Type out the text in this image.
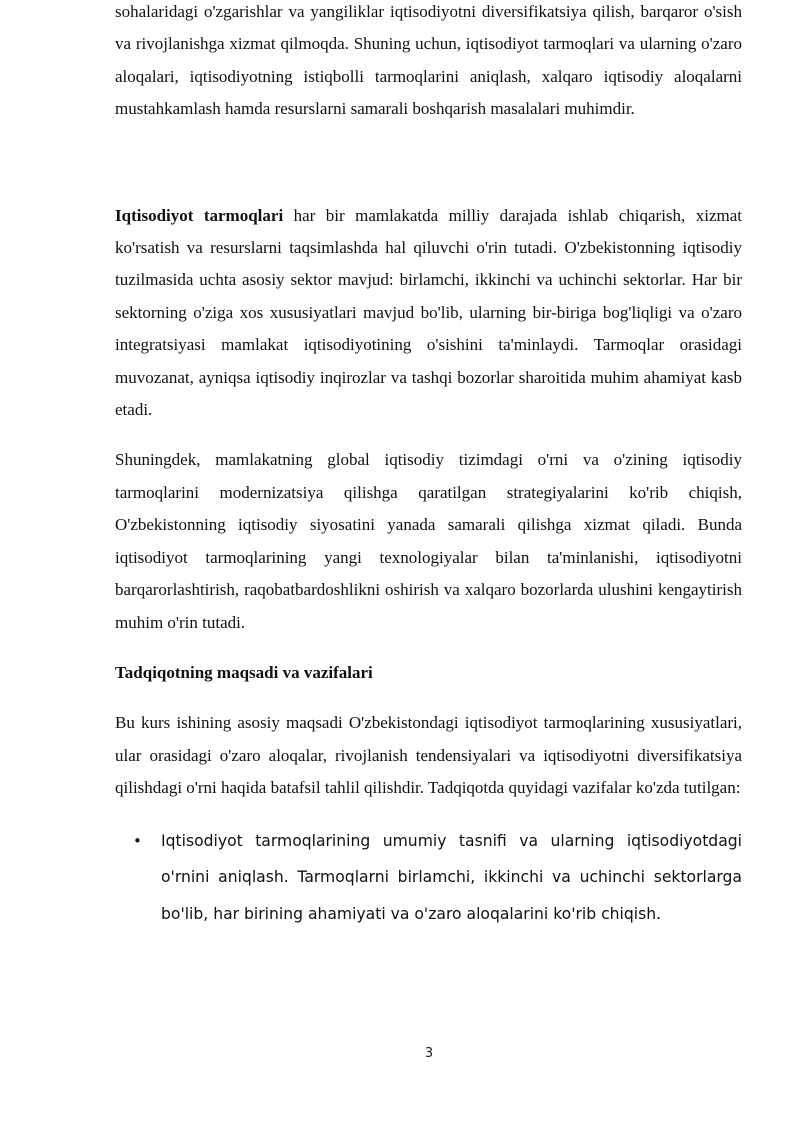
sohalaridagi o'zgarishlar va yangiliklar iqtisodiyotni diversifikatsiya qilish, barqaror o'sish va rivojlanishga xizmat qilmoqda. Shuning uchun, iqtisodiyot tarmoqlari va ularning o'zaro aloqalari, iqtisodiyotning istiqbolli tarmoqlarini aniqlash, xalqaro iqtisodiy aloqalarni mustahkamlash hamda resurslarni samarali boshqarish masalalari muhimdir.

Iqtisodiyot tarmoqlari har bir mamlakatda milliy darajada ishlab chiqarish, xizmat ko'rsatish va resurslarni taqsimlashda hal qiluvchi o'rin tutadi. O'zbekistonning iqtisodiy tuzilmasida uchta asosiy sektor mavjud: birlamchi, ikkinchi va uchinchi sektorlar. Har bir sektorning o'ziga xos xususiyatlari mavjud bo'lib, ularning bir-biriga bog'liqligi va o'zaro integratsiyasi mamlakat iqtisodiyotining o'sishini ta'minlaydi. Tarmoqlar orasidagi muvozanat, ayniqsa iqtisodiy inqirozlar va tashqi bozorlar sharoitida muhim ahamiyat kasb etadi.

Shuningdek, mamlakatning global iqtisodiy tizimdagi o'rni va o'zining iqtisodiy tarmoqlarini modernizatsiya qilishga qaratilgan strategiyalarini ko'rib chiqish, O'zbekistonning iqtisodiy siyosatini yanada samarali qilishga xizmat qiladi. Bunda iqtisodiyot tarmoqlarining yangi texnologiyalar bilan ta'minlanishi, iqtisodiyotni barqarorlashtirish, raqobatbardoshlikni oshirish va xalqaro bozorlarda ulushini kengaytirish muhim o'rin tutadi.

Tadqiqotning maqsadi va vazifalari

Bu kurs ishining asosiy maqsadi O'zbekistondagi iqtisodiyot tarmoqlarining xususiyatlari, ular orasidagi o'zaro aloqalar, rivojlanish tendensiyalari va iqtisodiyotni diversifikatsiya qilishdagi o'rni haqida batafsil tahlil qilishdir. Tadqiqotda quyidagi vazifalar ko'zda tutilgan:

• Iqtisodiyot tarmoqlarining umumiy tasnifi va ularning iqtisodiyotdagi o'rnini aniqlash. Tarmoqlarni birlamchi, ikkinchi va uchinchi sektorlarga bo'lib, har birining ahamiyati va o'zaro aloqalarini ko'rib chiqish.
3
